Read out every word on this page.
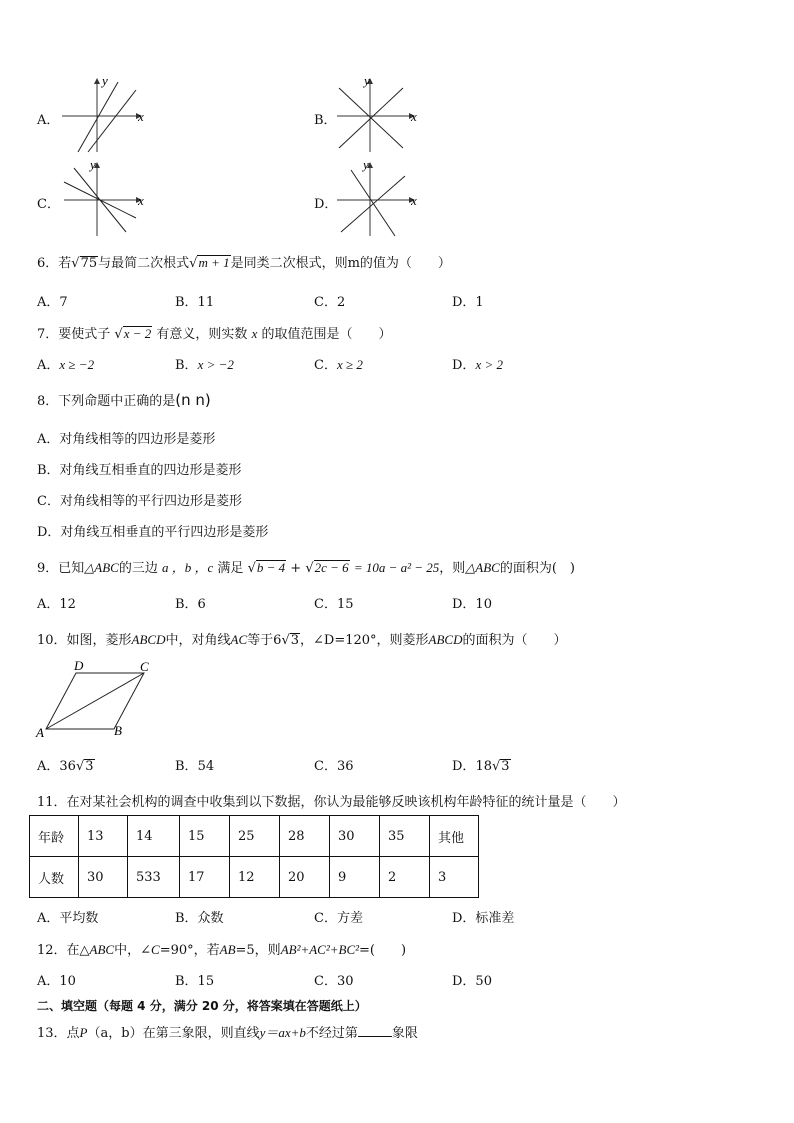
A．
y
x	B．
y
x
C．
y
x	D．
y
x
6．若√75与最简二次根式√m + 1是同类二次根式，则m的值为（　　）
A．7	B．11	C．2	D．1
7．要使式子 √x − 2 有意义，则实数 x 的取值范围是（　　）
A．x ≥ −2	B．x > −2	C．x ≥ 2	D．x > 2
8．下列命题中正确的是(n n)
A．对角线相等的四边形是菱形
B．对角线互相垂直的四边形是菱形
C．对角线相等的平行四边形是菱形
D．对角线互相垂直的平行四边形是菱形
9．已知△ABC的三边 a ，b ，c 满足 √b − 4 + √2c − 6 = 10a − a² − 25，则△ABC的面积为(　)
A．12	B．6	C．15	D．10
10．如图，菱形ABCD中，对角线AC等于6√3，∠D=120°，则菱形ABCD的面积为（　　）
A	B
C
D
A．36√3	B．54	C．36	D．18√3
11．在对某社会机构的调查中收集到以下数据，你认为最能够反映该机构年龄特征的统计量是（　　）
年龄	13	14	15	25	28	30	35	其他
人数	30	533	17	12	20	9	2	3
A．平均数	B．众数	C．方差	D．标准差
12．在△ABC中，∠C=90°，若AB=5，则AB²+AC²+BC²=(　　)
A．10	B．15	C．30	D．50
二、填空题（每题 4 分，满分 20 分，将答案填在答题纸上）
13．点P（a，b）在第三象限，则直线y＝ax+b不经过第	象限
